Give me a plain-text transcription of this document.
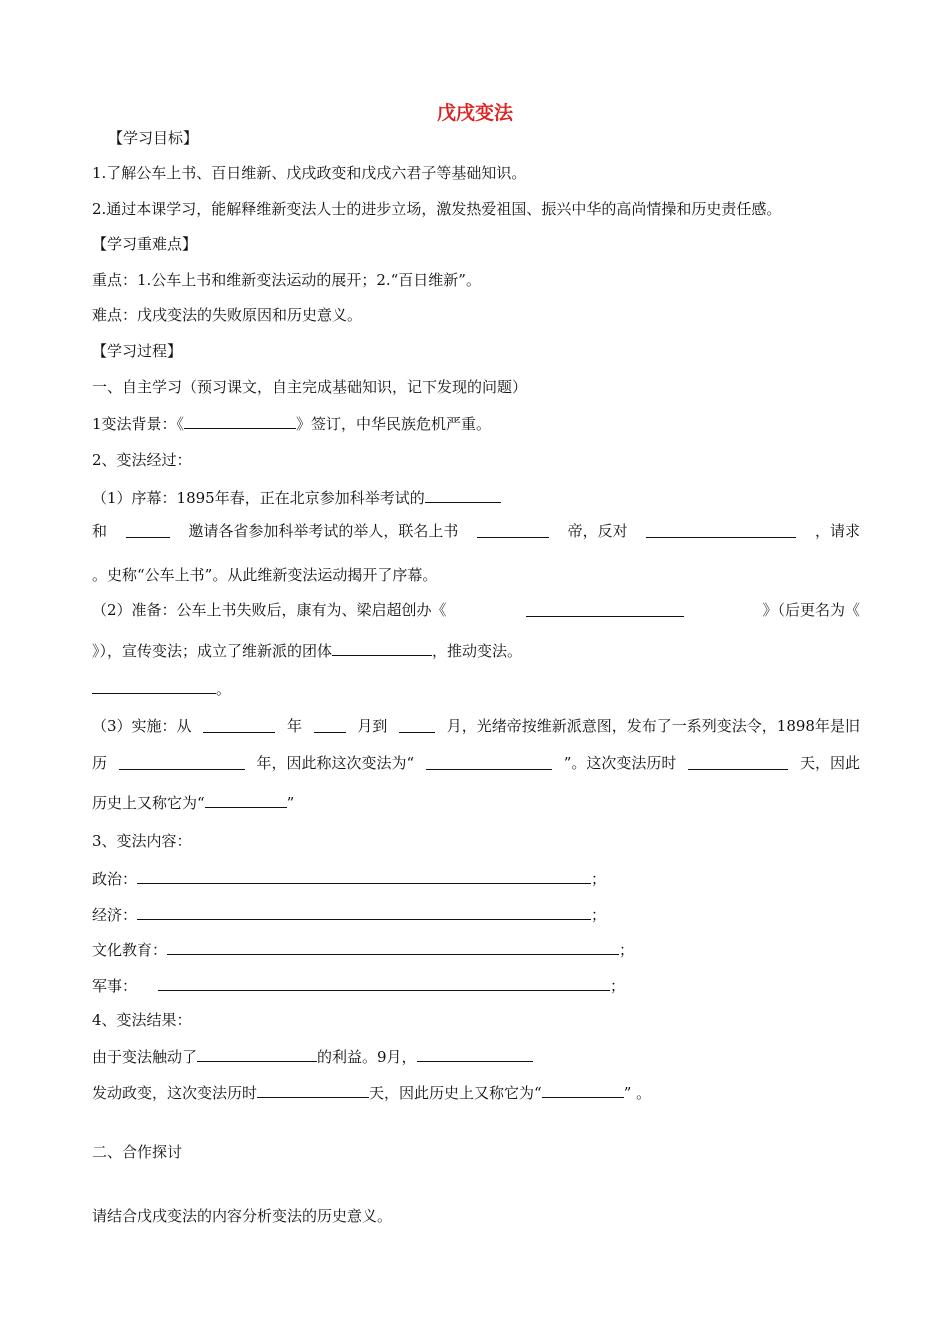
戊戌变法
【学习目标】
1.了解公车上书、百日维新、戊戌政变和戊戌六君子等基础知识。
2.通过本课学习，能解释维新变法人士的进步立场，激发热爱祖国、振兴中华的高尚情操和历史责任感。
【学习重难点】
重点：1.公车上书和维新变法运动的展开；2.“百日维新”。
难点：戊戌变法的失败原因和历史意义。
【学习过程】
一、自主学习（预习课文，自主完成基础知识，记下发现的问题）
1变法背景：《	》签订，中华民族危机严重。
2、变法经过：
（1）序幕：1895年春，正在北京参加科举考试的
和	邀请各省参加科举考试的举人，联名上书	帝，反对	，请求
。史称“公车上书”。从此维新变法运动揭开了序幕。
（2）准备：公车上书失败后，康有为、梁启超创办《	》（后更名为《
》），宣传变法；成立了维新派的团体	，推动变法。
。
（3）实施：从	年	月到	月，光绪帝按维新派意图，发布了一系列变法令，1898年是旧
历	年，因此称这次变法为“	”。这次变法历时	天，因此
历史上又称它为“	”
3、变法内容：
政治：	；
经济：	；
文化教育：	；
军事：	；
4、变法结果：
由于变法触动了	的利益。9月，
发动政变，这次变法历时	天，因此历史上又称它为“	” 。
二、合作探讨
请结合戊戌变法的内容分析变法的历史意义。
